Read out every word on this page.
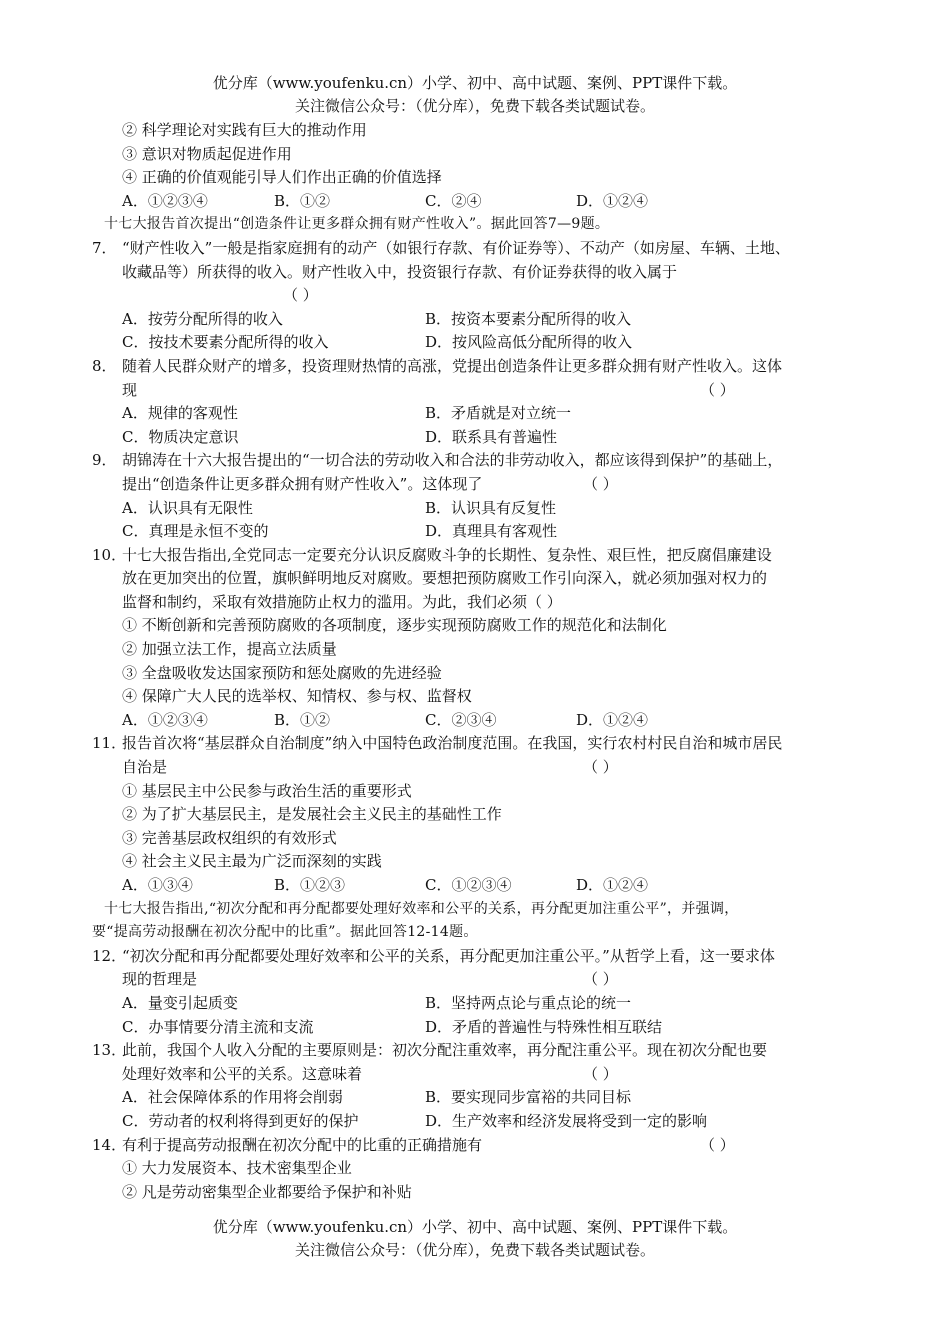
优分库（www.youfenku.cn）小学、初中、高中试题、案例、PPT课件下载。
关注微信公众号：（优分库），免费下载各类试题试卷。
② 科学理论对实践有巨大的推动作用
③ 意识对物质起促进作用
④ 正确的价值观能引导人们作出正确的价值选择
A．①②③④	B．①②	C．②④	D．①②④
十七大报告首次提出“创造条件让更多群众拥有财产性收入”。据此回答7—9题。
7． “财产性收入”一般是指家庭拥有的动产（如银行存款、有价证券等）、不动产（如房屋、车辆、土地、
收藏品等）所获得的收入。财产性收入中，投资银行存款、有价证券获得的收入属于
（ ）
A．按劳分配所得的收入	B．按资本要素分配所得的收入
C．按技术要素分配所得的收入	D．按风险高低分配所得的收入
8． 随着人民群众财产的增多，投资理财热情的高涨，党提出创造条件让更多群众拥有财产性收入。这体
现	（ ）
A．规律的客观性	B．矛盾就是对立统一
C．物质决定意识	D．联系具有普遍性
9． 胡锦涛在十六大报告提出的“一切合法的劳动收入和合法的非劳动收入，都应该得到保护”的基础上，
提出“创造条件让更多群众拥有财产性收入”。这体现了	（ ）
A．认识具有无限性	B．认识具有反复性
C．真理是永恒不变的	D．真理具有客观性
10．
十七大报告指出,全党同志一定要充分认识反腐败斗争的长期性、复杂性、艰巨性，把反腐倡廉建设
放在更加突出的位置，旗帜鲜明地反对腐败。要想把预防腐败工作引向深入，就必须加强对权力的
监督和制约，采取有效措施防止权力的滥用。为此，我们必须（ ）
① 不断创新和完善预防腐败的各项制度，逐步实现预防腐败工作的规范化和法制化
② 加强立法工作，提高立法质量
③ 全盘吸收发达国家预防和惩处腐败的先进经验
④ 保障广大人民的选举权、知情权、参与权、监督权
A．①②③④	B．①②	C．②③④	D．①②④
11．
报告首次将“基层群众自治制度”纳入中国特色政治制度范围。在我国，实行农村村民自治和城市居民
自治是	（ ）
① 基层民主中公民参与政治生活的重要形式
② 为了扩大基层民主，是发展社会主义民主的基础性工作
③ 完善基层政权组织的有效形式
④ 社会主义民主最为广泛而深刻的实践
A．①③④	B．①②③	C．①②③④	D．①②④
十七大报告指出,“初次分配和再分配都要处理好效率和公平的关系，再分配更加注重公平”，并强调，
要“提高劳动报酬在初次分配中的比重”。据此回答12-14题。
12．
“初次分配和再分配都要处理好效率和公平的关系，再分配更加注重公平。”从哲学上看，这一要求体
现的哲理是	（ ）
A．量变引起质变	B．坚持两点论与重点论的统一
C．办事情要分清主流和支流	D．矛盾的普遍性与特殊性相互联结
13．
此前，我国个人收入分配的主要原则是：初次分配注重效率，再分配注重公平。现在初次分配也要
处理好效率和公平的关系。这意味着	（ ）
A．社会保障体系的作用将会削弱	B．要实现同步富裕的共同目标
C．劳动者的权利将得到更好的保护	D．生产效率和经济发展将受到一定的影响
14．
有利于提高劳动报酬在初次分配中的比重的正确措施有	（ ）
① 大力发展资本、技术密集型企业
② 凡是劳动密集型企业都要给予保护和补贴
优分库（www.youfenku.cn）小学、初中、高中试题、案例、PPT课件下载。
关注微信公众号：（优分库），免费下载各类试题试卷。
